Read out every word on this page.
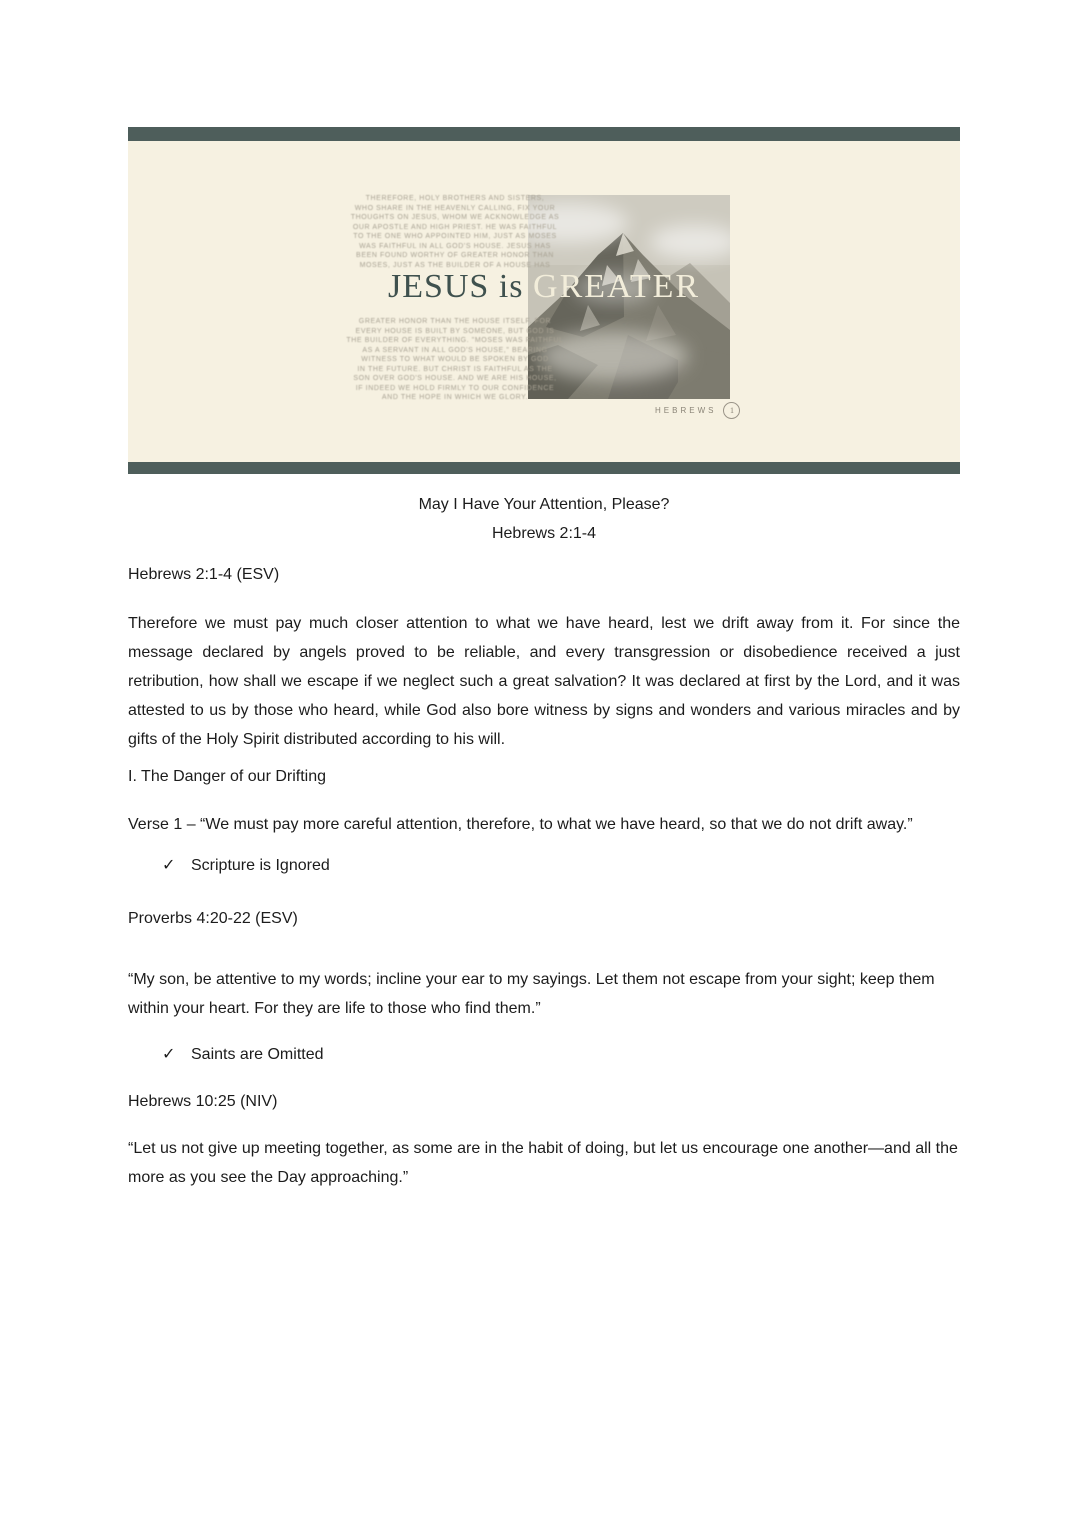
THEREFORE, HOLY BROTHERS AND SISTERS,
WHO SHARE IN THE HEAVENLY CALLING, FIX YOUR
THOUGHTS ON JESUS, WHOM WE ACKNOWLEDGE AS
OUR APOSTLE AND HIGH PRIEST. HE WAS FAITHFUL
TO THE ONE WHO APPOINTED HIM, JUST AS MOSES
WAS FAITHFUL IN ALL GOD'S HOUSE. JESUS HAS
BEEN FOUND WORTHY OF GREATER HONOR THAN
MOSES, JUST AS THE BUILDER OF A HOUSE HAS
JESUS is GREATER
GREATER HONOR THAN THE HOUSE ITSELF. FOR
EVERY HOUSE IS BUILT BY SOMEONE, BUT GOD IS
THE BUILDER OF EVERYTHING. "MOSES WAS FAITHFUL
AS A SERVANT IN ALL GOD'S HOUSE," BEARING
WITNESS TO WHAT WOULD BE SPOKEN BY GOD
IN THE FUTURE. BUT CHRIST IS FAITHFUL AS THE
SON OVER GOD'S HOUSE. AND WE ARE HIS HOUSE,
IF INDEED WE HOLD FIRMLY TO OUR CONFIDENCE
AND THE HOPE IN WHICH WE GLORY.
HEBREWS	1
May I Have Your Attention, Please?
Hebrews 2:1-4
Hebrews 2:1-4 (ESV)
Therefore we must pay much closer attention to what we have heard, lest we drift away from it. For since the message declared by angels proved to be reliable, and every transgression or disobedience received a just retribution, how shall we escape if we neglect such a great salvation? It was declared at first by the Lord, and it was attested to us by those who heard, while God also bore witness by signs and wonders and various miracles and by gifts of the Holy Spirit distributed according to his will.
I. The Danger of our Drifting
Verse 1 – “We must pay more careful attention, therefore, to what we have heard, so that we do not drift away.”
✓ Scripture is Ignored
Proverbs 4:20-22 (ESV)
“My son, be attentive to my words; incline your ear to my sayings. Let them not escape from your sight; keep them within your heart. For they are life to those who find them.”
✓ Saints are Omitted
Hebrews 10:25 (NIV)
“Let us not give up meeting together, as some are in the habit of doing, but let us encourage one another—and all the more as you see the Day approaching.”
